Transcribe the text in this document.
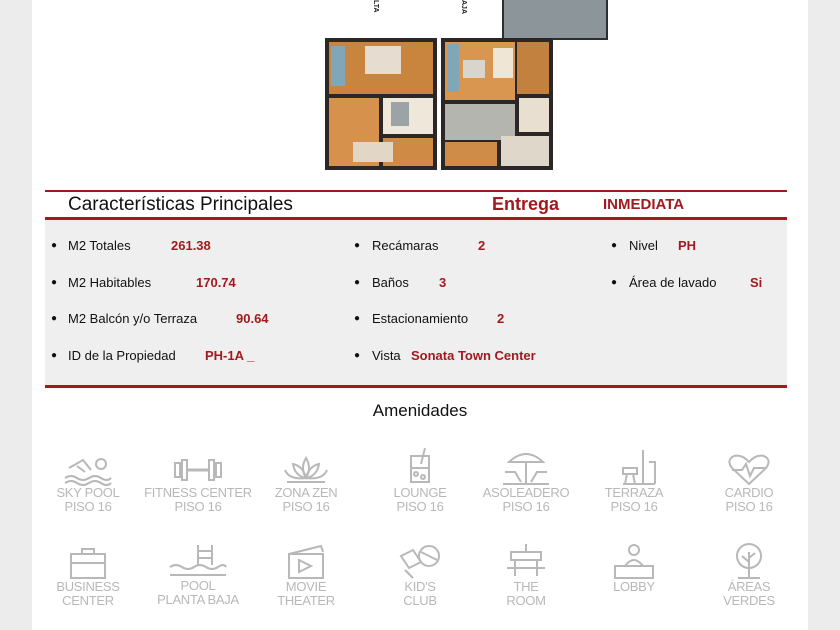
LTA	AJA
Características Principales	Entrega	INMEDIATA
● M2 Totales	261.38
● M2 Habitables	170.74
● M2 Balcón y/o Terraza	90.64
● ID de la Propiedad PH-1A _
● Recámaras	2
● Baños 3
● Estacionamiento 2
● Vista Sonata Town Center
● Nivel PH
● Área de lavado	Si
Amenidades
SKY POOL
PISO 16
FITNESS CENTER
PISO 16
ZONA ZEN
PISO 16
LOUNGE
PISO 16
ASOLEADERO
PISO 16
TERRAZA
PISO 16
CARDIO
PISO 16
BUSINESS
CENTER
POOL
PLANTA BAJA
MOVIE
THEATER
KID'S
CLUB
THE
ROOM
LOBBY	ÁREAS
VERDES
